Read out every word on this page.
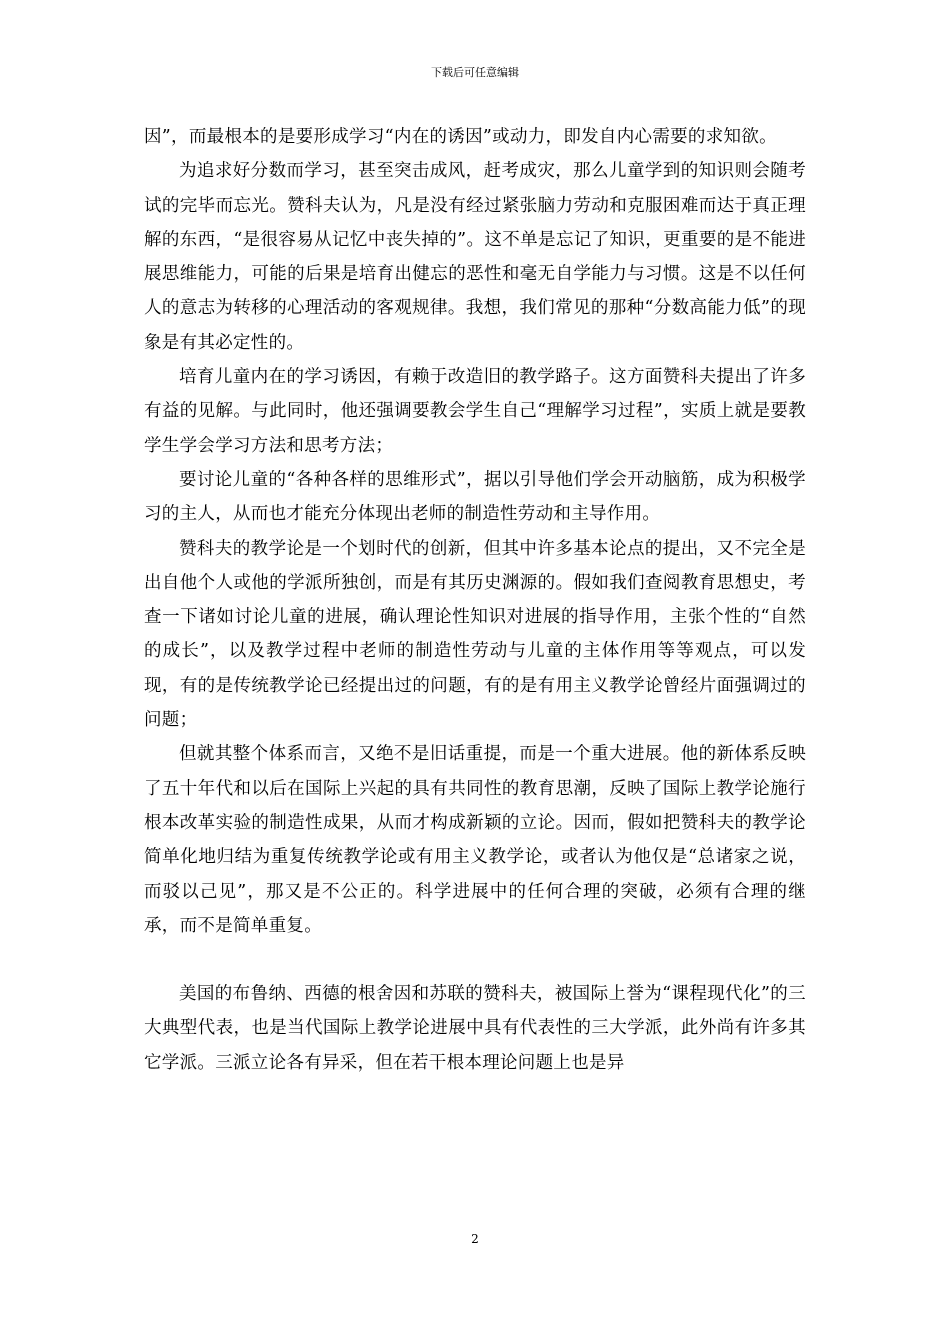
下载后可任意编辑

因”，而最根本的是要形成学习“内在的诱因”或动力，即发自内心需要的求知欲。

为追求好分数而学习，甚至突击成风，赶考成灾，那么儿童学到的知识则会随考试的完毕而忘光。赞科夫认为，凡是没有经过紧张脑力劳动和克服困难而达于真正理解的东西，“是很容易从记忆中丧失掉的”。这不单是忘记了知识，更重要的是不能进展思维能力，可能的后果是培育出健忘的恶性和毫无自学能力与习惯。这是不以任何人的意志为转移的心理活动的客观规律。我想，我们常见的那种“分数高能力低”的现象是有其必定性的。

培育儿童内在的学习诱因，有赖于改造旧的教学路子。这方面赞科夫提出了许多有益的见解。与此同时，他还强调要教会学生自己“理解学习过程”，实质上就是要教学生学会学习方法和思考方法；

要讨论儿童的“各种各样的思维形式”，据以引导他们学会开动脑筋，成为积极学习的主人，从而也才能充分体现出老师的制造性劳动和主导作用。

赞科夫的教学论是一个划时代的创新，但其中许多基本论点的提出，又不完全是出自他个人或他的学派所独创，而是有其历史渊源的。假如我们查阅教育思想史，考查一下诸如讨论儿童的进展，确认理论性知识对进展的指导作用，主张个性的“自然的成长”，以及教学过程中老师的制造性劳动与儿童的主体作用等等观点，可以发现，有的是传统教学论已经提出过的问题，有的是有用主义教学论曾经片面强调过的问题；

但就其整个体系而言，又绝不是旧话重提，而是一个重大进展。他的新体系反映了五十年代和以后在国际上兴起的具有共同性的教育思潮，反映了国际上教学论施行根本改革实验的制造性成果，从而才构成新颖的立论。因而，假如把赞科夫的教学论简单化地归结为重复传统教学论或有用主义教学论，或者认为他仅是“总诸家之说，而驳以己见”，那又是不公正的。科学进展中的任何合理的突破，必须有合理的继承，而不是简单重复。

美国的布鲁纳、西德的根舍因和苏联的赞科夫，被国际上誉为“课程现代化”的三大典型代表，也是当代国际上教学论进展中具有代表性的三大学派，此外尚有许多其它学派。三派立论各有异采，但在若干根本理论问题上也是异

2
